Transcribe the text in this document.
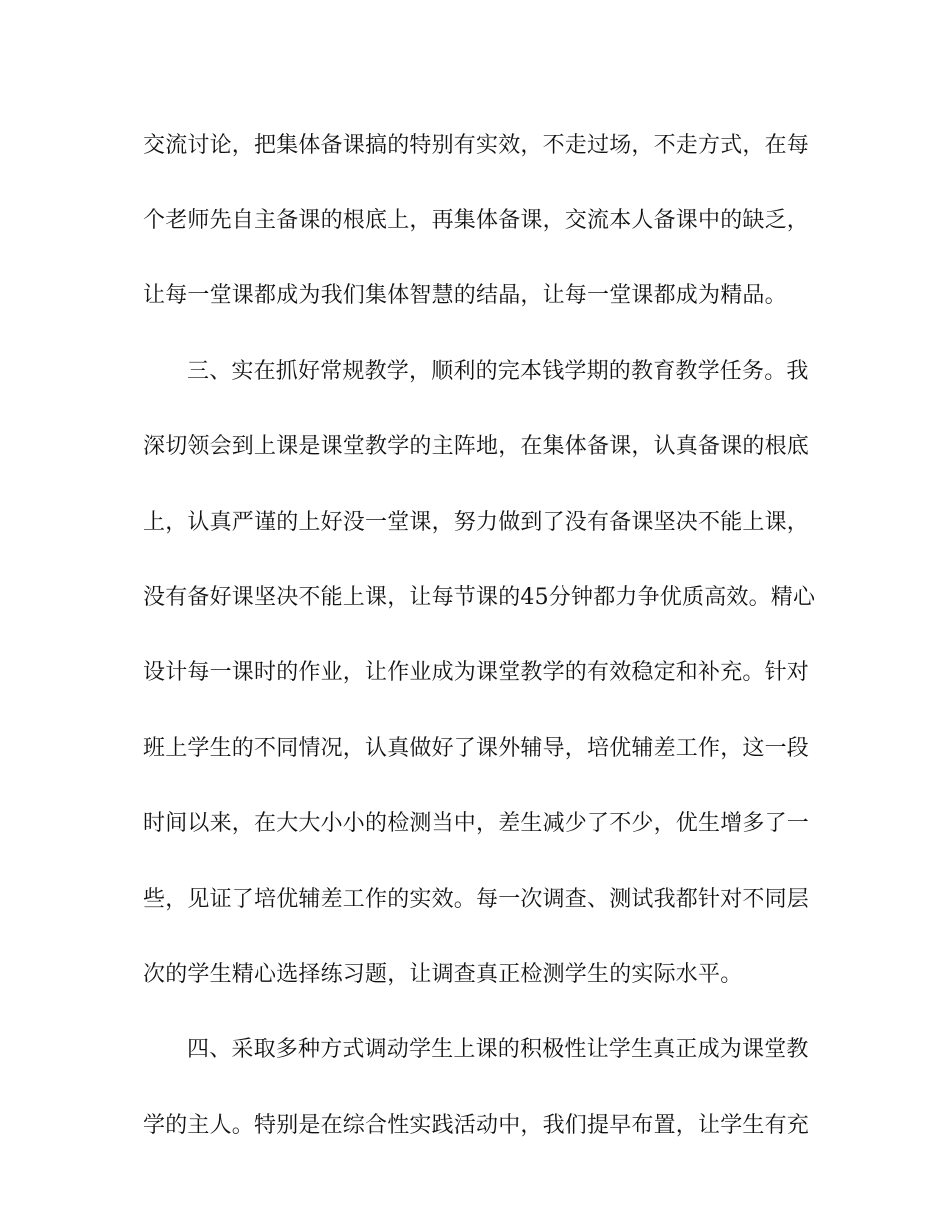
交流讨论，把集体备课搞的特别有实效，不走过场，不走方式，在每
个老师先自主备课的根底上，再集体备课，交流本人备课中的缺乏，
让每一堂课都成为我们集体智慧的结晶，让每一堂课都成为精品。
三、实在抓好常规教学，顺利的完本钱学期的教育教学任务。我
深切领会到上课是课堂教学的主阵地，在集体备课，认真备课的根底
上，认真严谨的上好没一堂课，努力做到了没有备课坚决不能上课，
没有备好课坚决不能上课，让每节课的45分钟都力争优质高效。精心
设计每一课时的作业，让作业成为课堂教学的有效稳定和补充。针对
班上学生的不同情况，认真做好了课外辅导，培优辅差工作，这一段
时间以来，在大大小小的检测当中，差生减少了不少，优生增多了一
些，见证了培优辅差工作的实效。每一次调查、测试我都针对不同层
次的学生精心选择练习题，让调查真正检测学生的实际水平。
四、采取多种方式调动学生上课的积极性让学生真正成为课堂教
学的主人。特别是在综合性实践活动中，我们提早布置，让学生有充
